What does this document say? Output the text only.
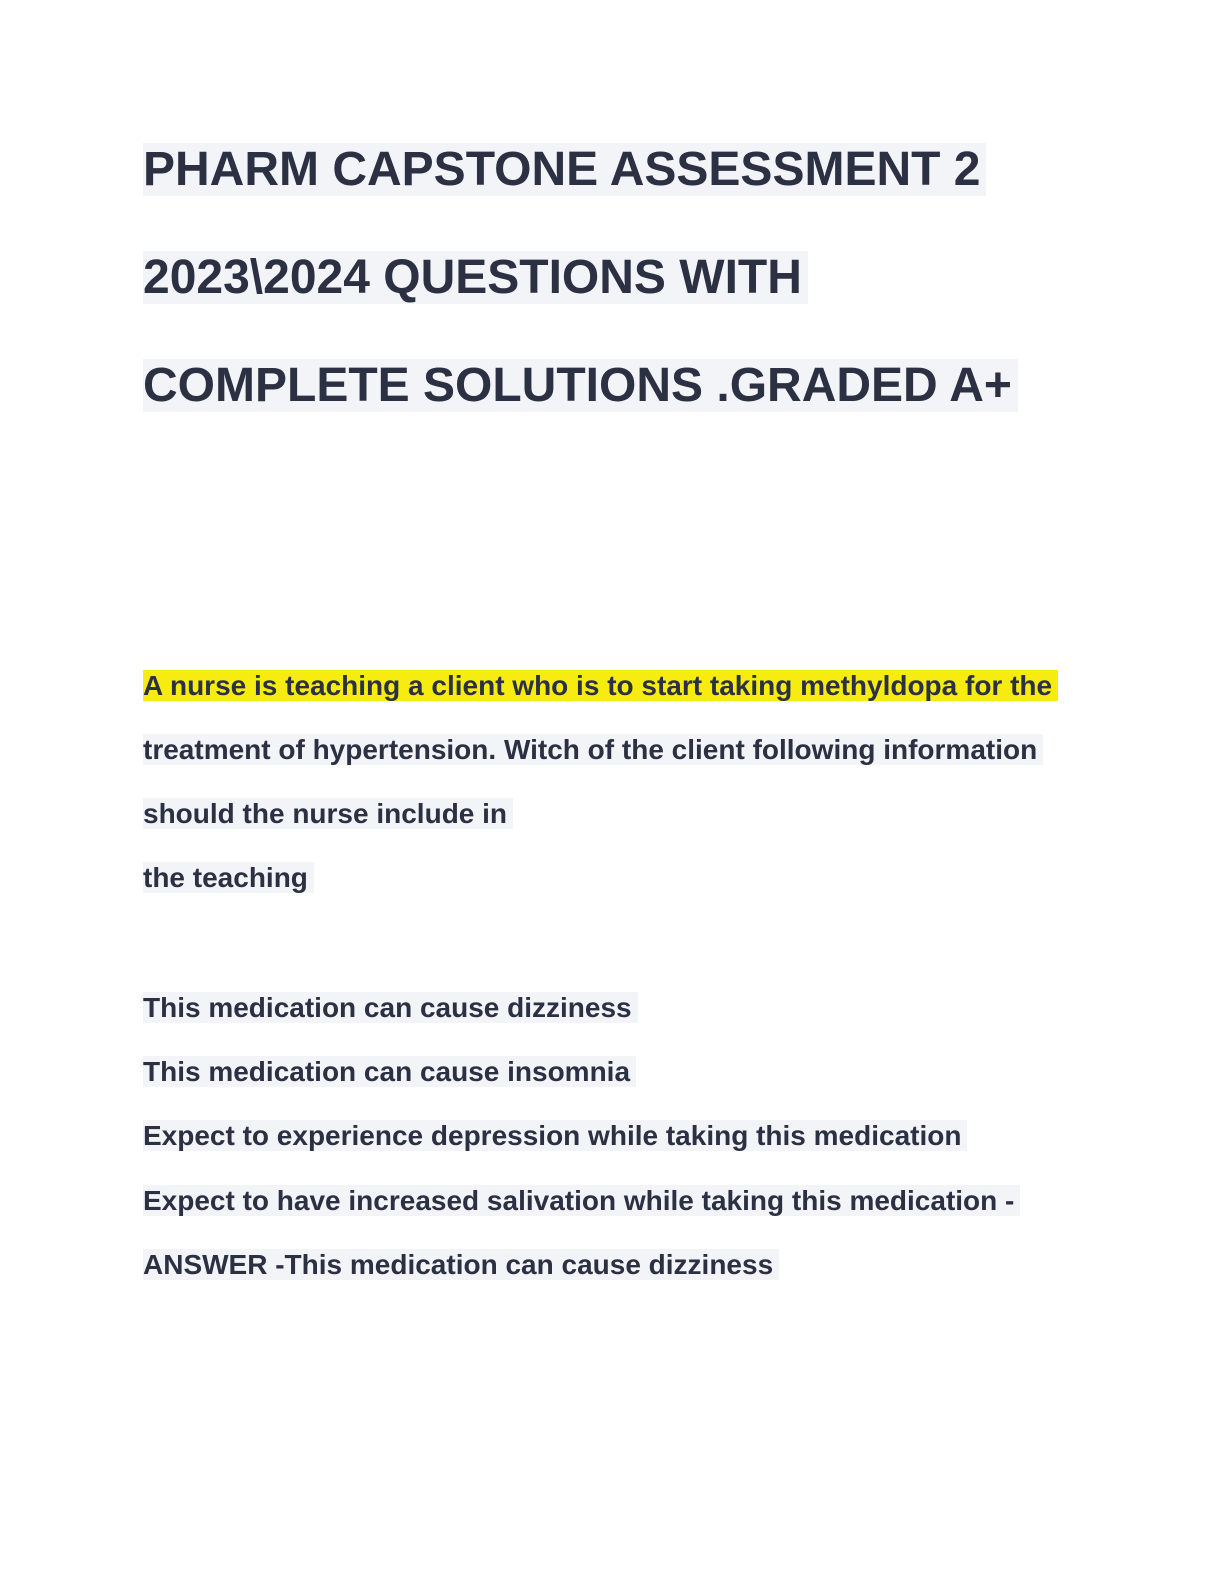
PHARM CAPSTONE ASSESSMENT 2
2023\2024 QUESTIONS WITH
COMPLETE SOLUTIONS .GRADED A+
A nurse is teaching a client who is to start taking methyldopa for the
treatment of hypertension. Witch of the client following information
should the nurse include in
the teaching
This medication can cause dizziness
This medication can cause insomnia
Expect to experience depression while taking this medication
Expect to have increased salivation while taking this medication -
ANSWER -This medication can cause dizziness
